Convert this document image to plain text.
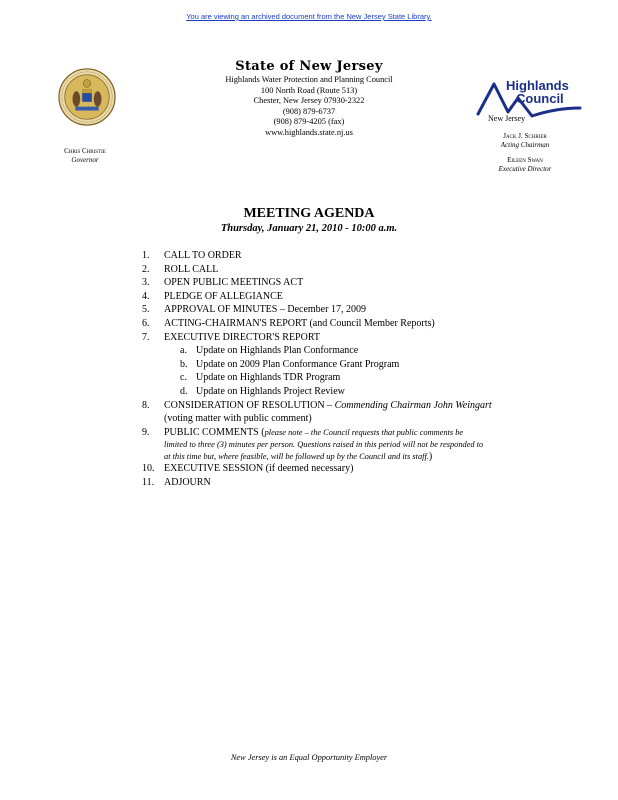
You are viewing an archived document from the New Jersey State Library.
Chris Christie
Governor
State of New Jersey
Highlands Water Protection and Planning Council
100 North Road (Route 513)
Chester, New Jersey 07930-2322
(908) 879-6737
(908) 879-4205 (fax)
www.highlands.state.nj.us
Highlands
Council
New Jersey
Jack J. Schrier
Acting Chairman
Eileen Swan
Executive Director
MEETING AGENDA
Thursday, January 21, 2010 - 10:00 a.m.
1.	CALL TO ORDER
2.	ROLL CALL
3.	OPEN PUBLIC MEETINGS ACT
4.	PLEDGE OF ALLEGIANCE
5.	APPROVAL OF MINUTES – December 17, 2009
6.	ACTING-CHAIRMAN'S REPORT (and Council Member Reports)
7.	EXECUTIVE DIRECTOR'S REPORT
a. Update on Highlands Plan Conformance
b. Update on 2009 Plan Conformance Grant Program
c. Update on Highlands TDR Program
d. Update on Highlands Project Review
8.	CONSIDERATION OF RESOLUTION – Commending Chairman John Weingart
(voting matter with public comment)
9.	PUBLIC COMMENTS (please note – the Council requests that public comments be
limited to three (3) minutes per person. Questions raised in this period will not be responded to
at this time but, where feasible, will be followed up by the Council and its staff.)
10. EXECUTIVE SESSION (if deemed necessary)
11. ADJOURN
New Jersey is an Equal Opportunity Employer
